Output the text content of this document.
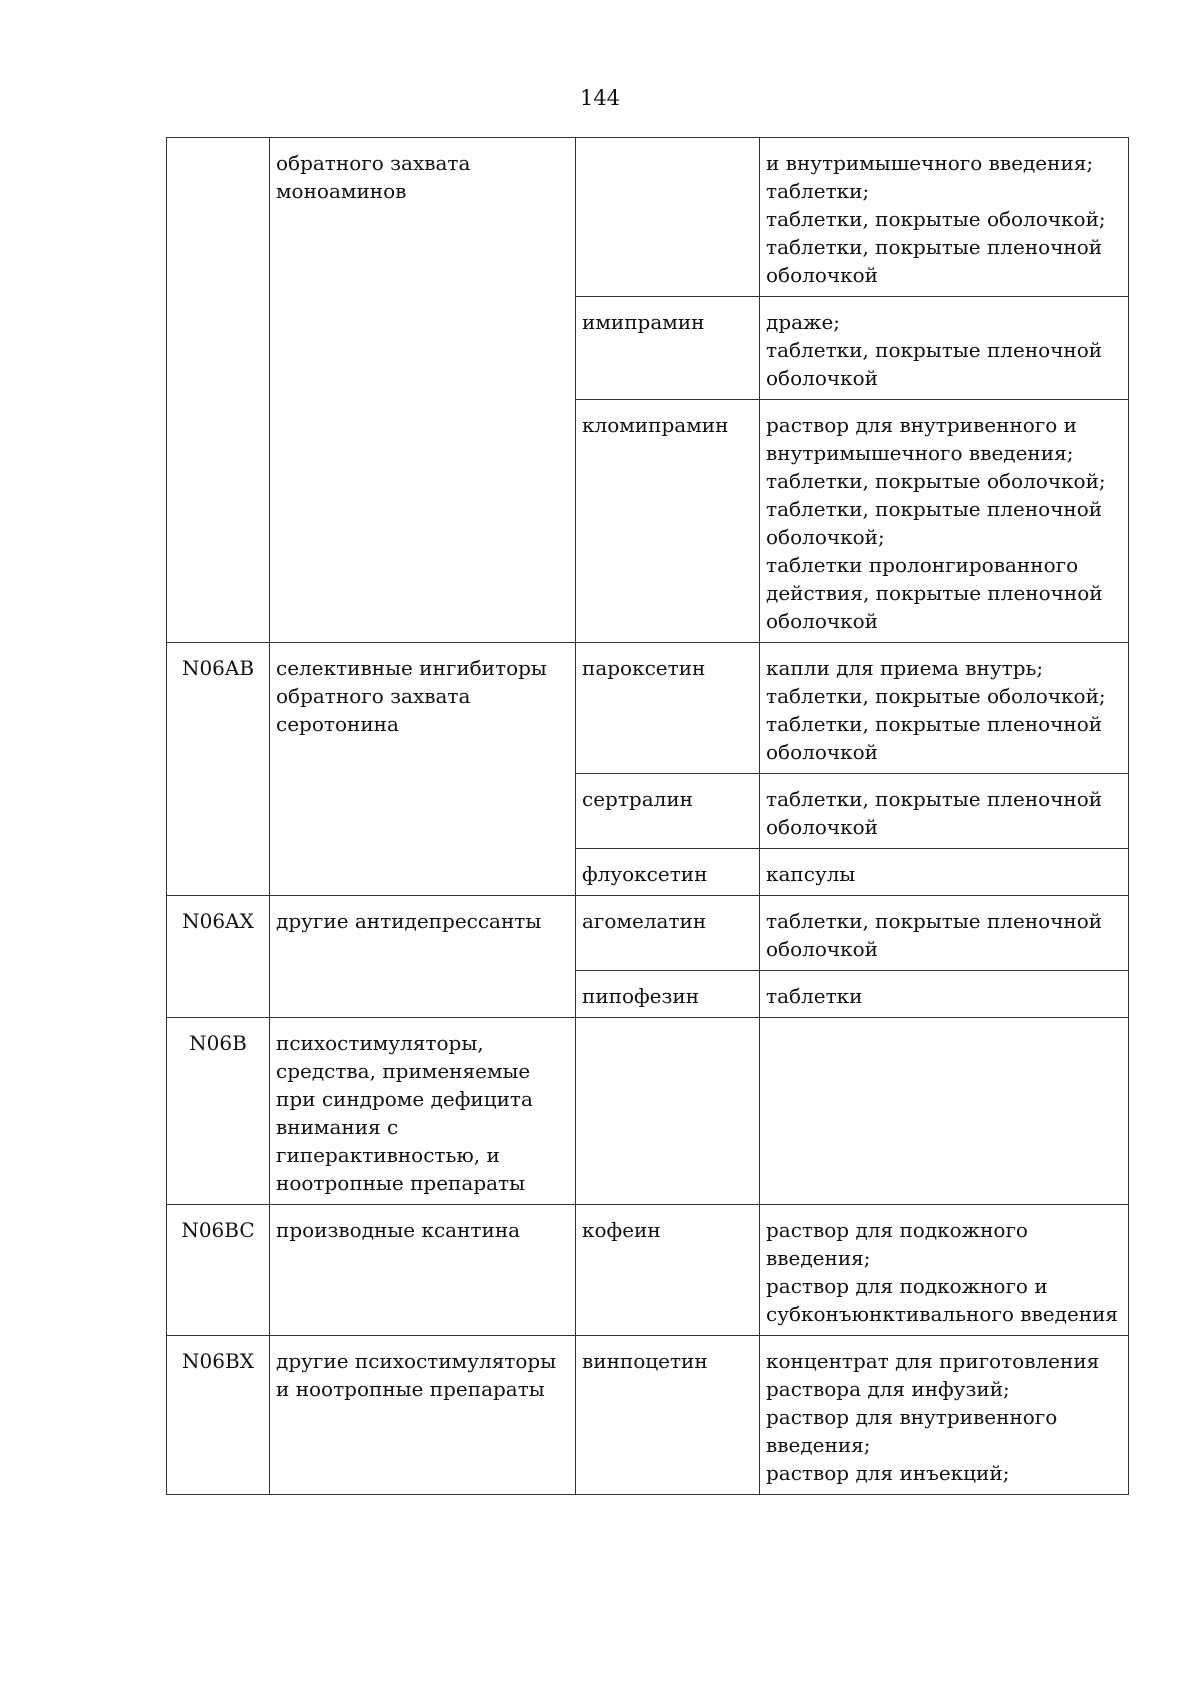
144
	обратного захвата моноаминов		и внутримышечного введения;
таблетки;
таблетки, покрытые оболочкой;
таблетки, покрытые пленочной оболочкой

		имипрамин	драже;
таблетки, покрытые пленочной оболочкой

		кломипрамин	раствор для внутривенного и внутримышечного введения;
таблетки, покрытые оболочкой;
таблетки, покрытые пленочной оболочкой;
таблетки пролонгированного действия, покрытые пленочной оболочкой

N06AB	селективные ингибиторы обратного захвата серотонина	пароксетин	капли для приема внутрь;
таблетки, покрытые оболочкой;
таблетки, покрытые пленочной оболочкой

		сертралин	таблетки, покрытые пленочной оболочкой

		флуоксетин	капсулы

N06AX	другие антидепрессанты	агомелатин	таблетки, покрытые пленочной оболочкой

		пипофезин	таблетки

N06B	психостимуляторы, средства, применяемые при синдроме дефицита внимания с гиперактивностью, и ноотропные препараты		
N06BC	производные ксантина	кофеин	раствор для подкожного введения;
раствор для подкожного и субконъюнктивального введения

N06BX	другие психостимуляторы и ноотропные препараты	винпоцетин	концентрат для приготовления раствора для инфузий;
раствор для внутривенного введения;
раствор для инъекций;
